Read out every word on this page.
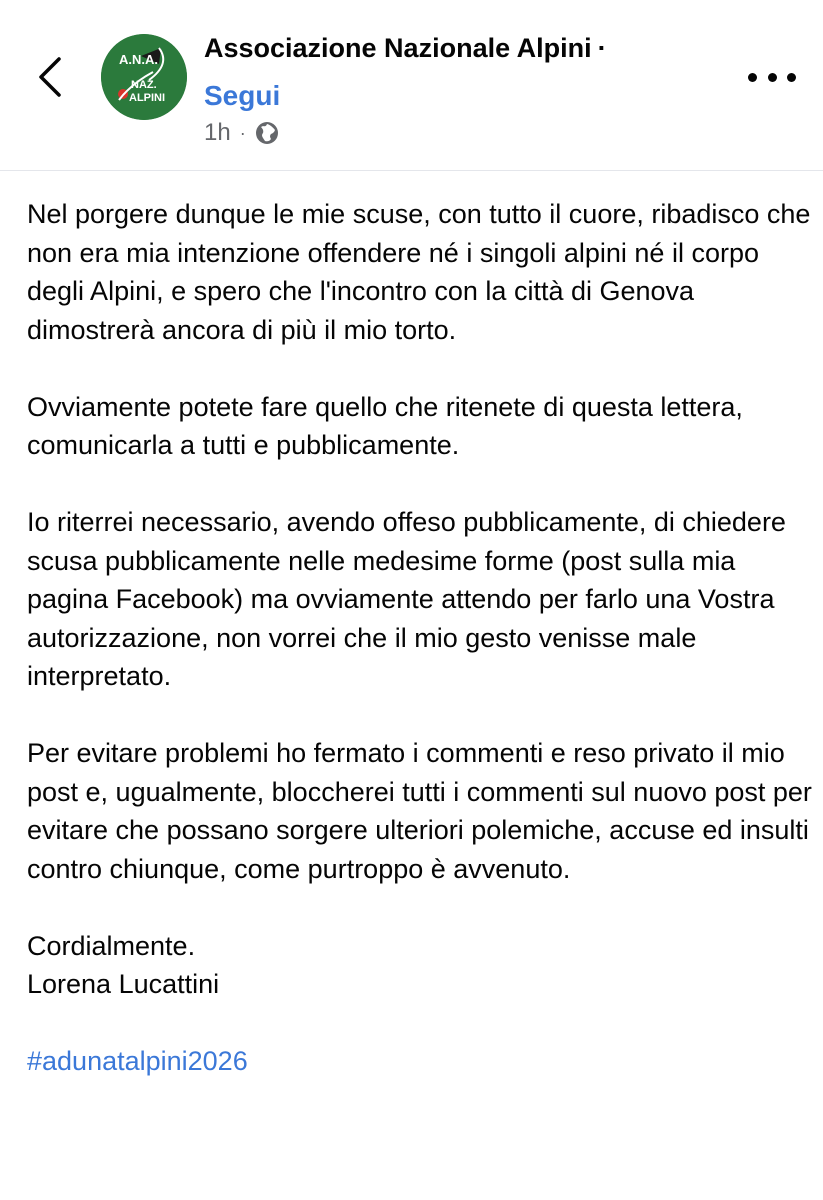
A.N.A.
NAZ.
ALPINI
Associazione Nazionale Alpini ·
Segui
1h ·

Nel porgere dunque le mie scuse, con tutto il cuore, ribadisco che non era mia intenzione offendere né i singoli alpini né il corpo degli Alpini, e spero che l'incontro con la città di Genova dimostrerà ancora di più il mio torto.

Ovviamente potete fare quello che ritenete di questa lettera, comunicarla a tutti e pubblicamente.

Io riterrei necessario, avendo offeso pubblicamente, di chiedere scusa pubblicamente nelle medesime forme (post sulla mia pagina Facebook) ma ovviamente attendo per farlo una Vostra autorizzazione, non vorrei che il mio gesto venisse male interpretato.

Per evitare problemi ho fermato i commenti e reso privato il mio post e, ugualmente, bloccherei tutti i commenti sul nuovo post per evitare che possano sorgere ulteriori polemiche, accuse ed insulti contro chiunque, come purtroppo è avvenuto.

Cordialmente.
Lorena Lucattini

#adunatalpini2026
